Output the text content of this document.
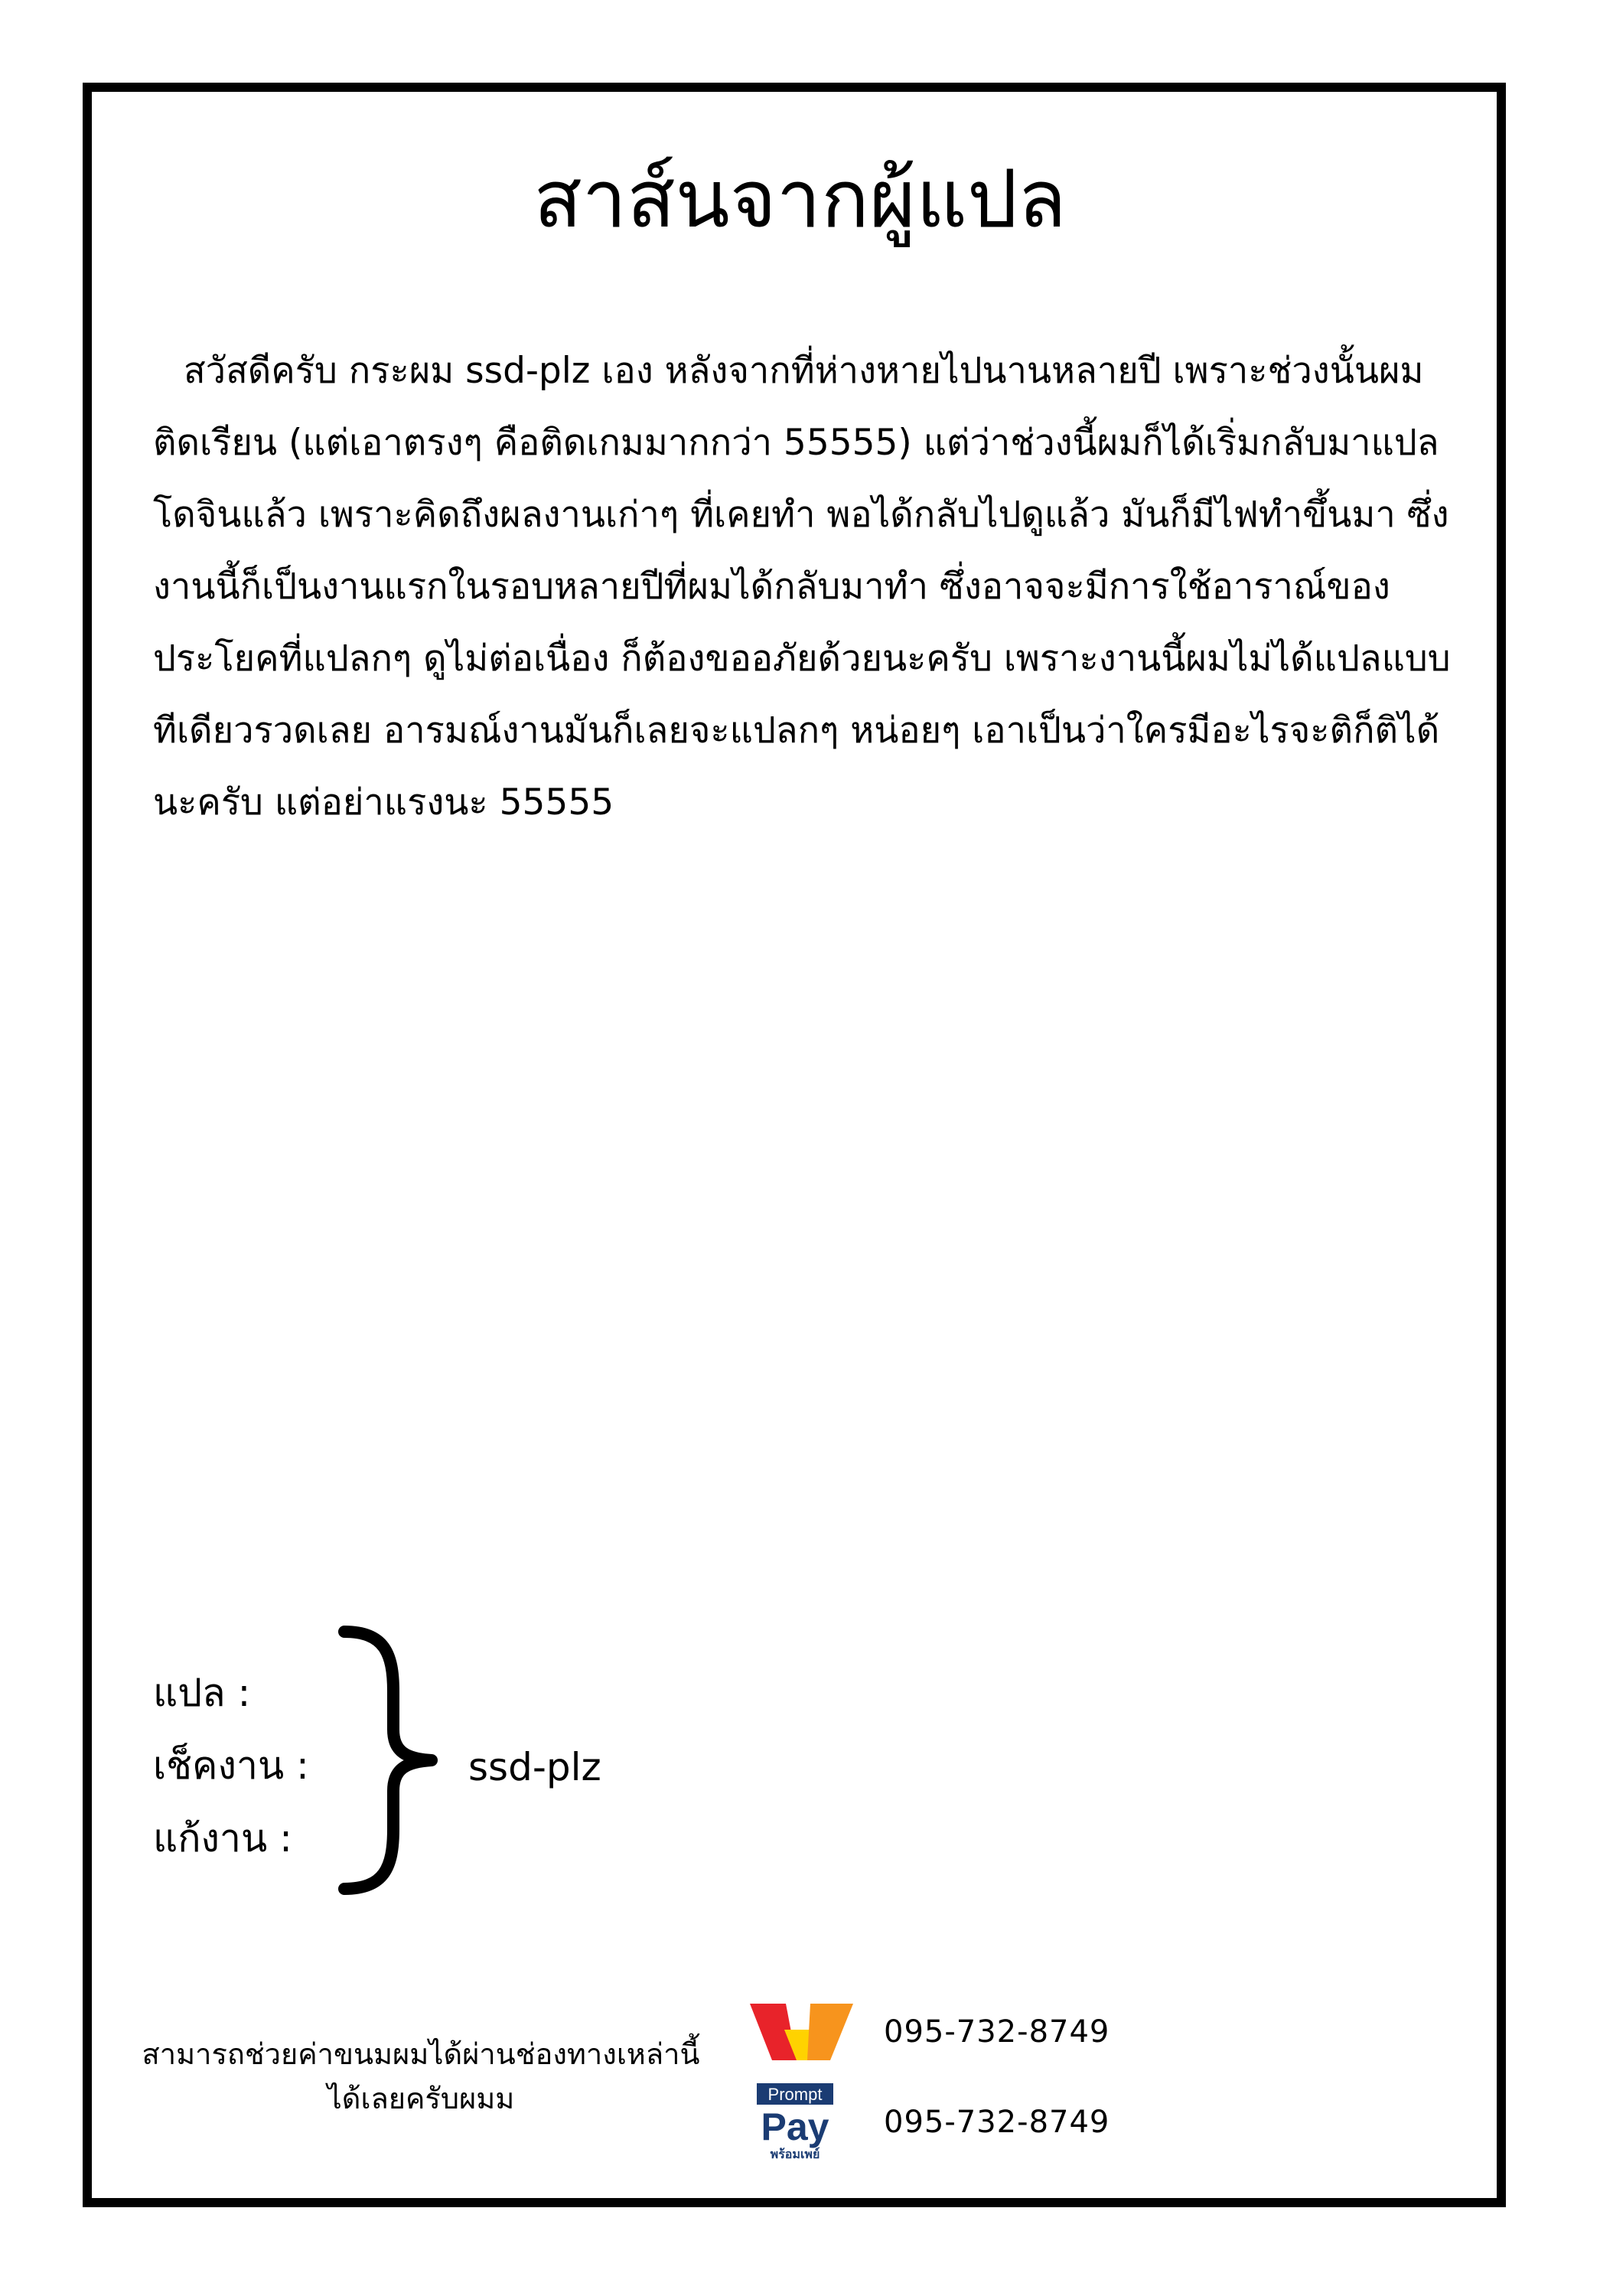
สาส์นจากผู้แปล

สวัสดีครับ กระผม ssd-plz เอง หลังจากที่ห่างหายไปนานหลายปี เพราะช่วงนั้นผมติดเรียน (แต่เอาตรงๆ คือติดเกมมากกว่า 55555) แต่ว่าช่วงนี้ผมก็ได้เริ่มกลับมาแปลโดจินแล้ว เพราะคิดถึงผลงานเก่าๆ ที่เคยทำ พอได้กลับไปดูแล้ว มันก็มีไฟทำขึ้นมา ซึ่งงานนี้ก็เป็นงานแรกในรอบหลายปีที่ผมได้กลับมาทำ ซึ่งอาจจะมีการใช้อาราณ์ของประโยคที่แปลกๆ ดูไม่ต่อเนื่อง ก็ต้องขออภัยด้วยนะครับ เพราะงานนี้ผมไม่ได้แปลแบบทีเดียวรวดเลย อารมณ์งานมันก็เลยจะแปลกๆ หน่อยๆ เอาเป็นว่าใครมีอะไรจะติก็ติได้นะครับ แต่อย่าแรงนะ 55555

แปล :
เช็คงาน :
แก้งาน :
ssd-plz
สามารถช่วยค่าขนมผมได้ผ่านช่องทางเหล่านี้ได้เลยครับผมม
095-732-8749
Prompt
Pay
พร้อมเพย์
095-732-8749
